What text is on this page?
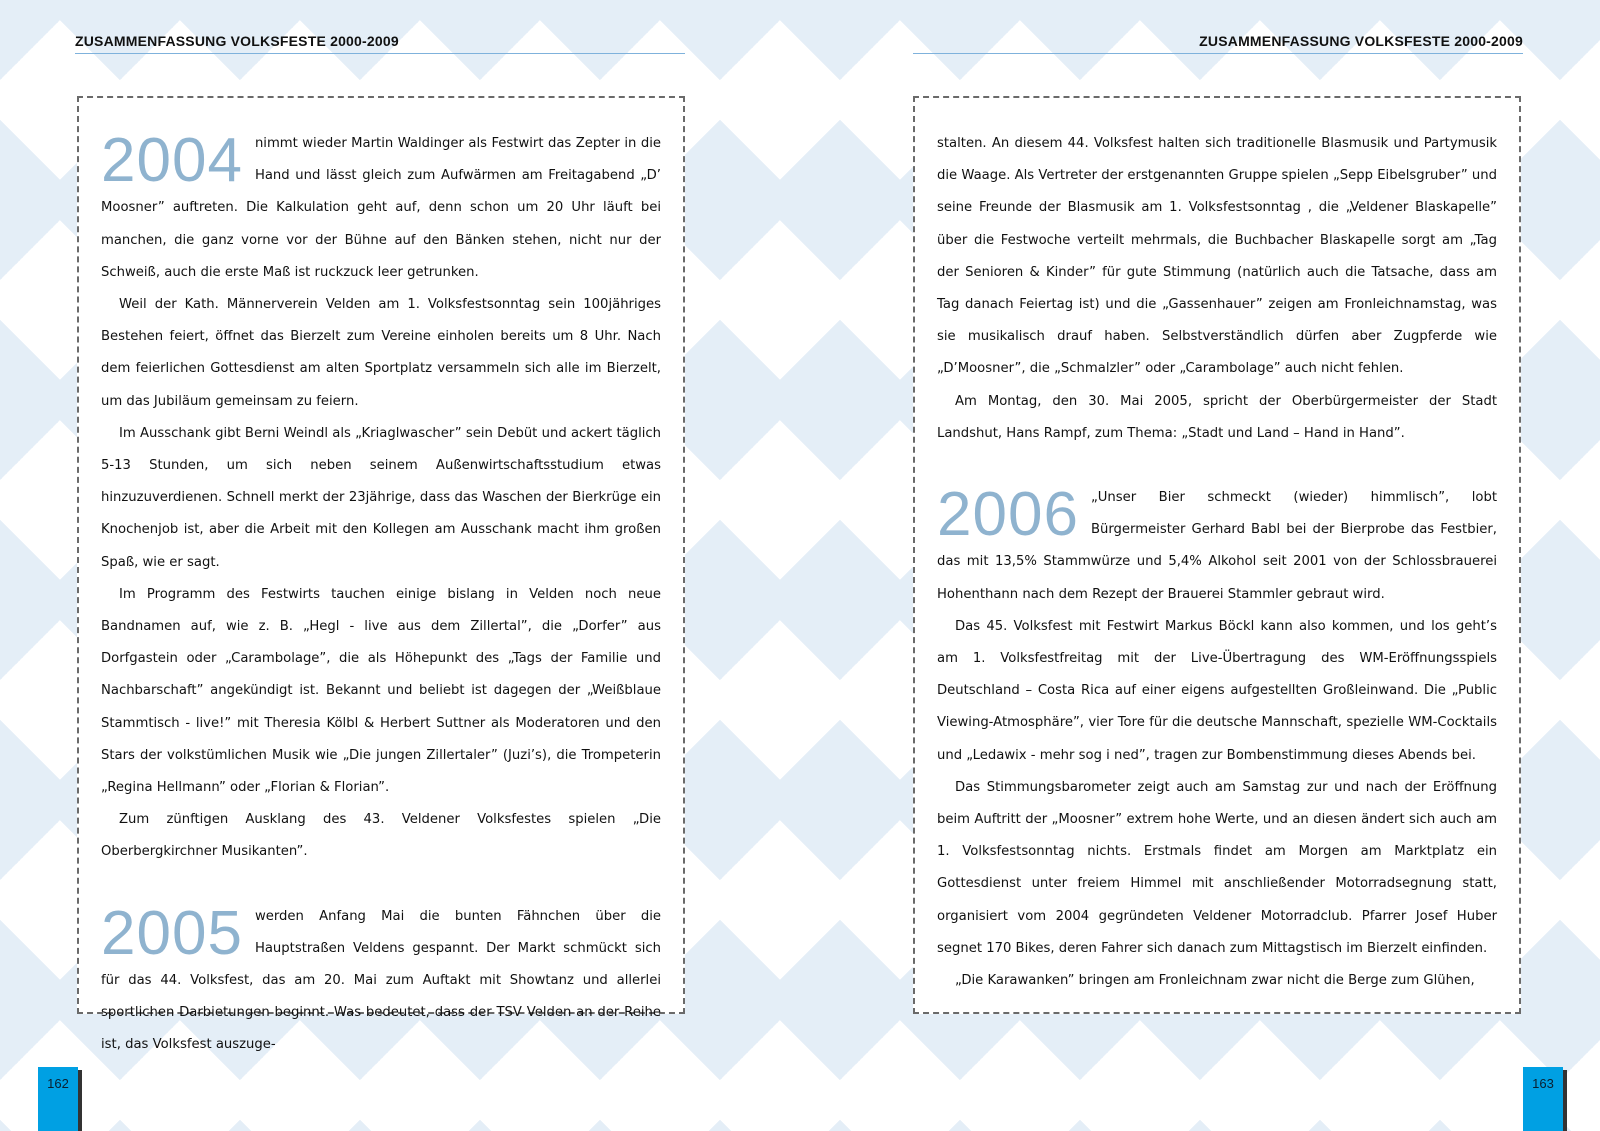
ZUSAMMENFASSUNG VOLKSFESTE 2000-2009	ZUSAMMENFASSUNG VOLKSFESTE 2000-2009
2004 nimmt wieder Martin Waldinger als Festwirt das Zepter in die Hand und lässt gleich zum Aufwärmen am Freitagabend „D’ Moosner” auftreten. Die Kalkulation geht auf, denn schon um 20 Uhr läuft bei manchen, die ganz vorne vor der Bühne auf den Bänken stehen, nicht nur der Schweiß, auch die erste Maß ist ruckzuck leer getrunken.

Weil der Kath. Männerverein Velden am 1. Volksfestsonntag sein 100jähriges Bestehen feiert, öffnet das Bierzelt zum Vereine einholen bereits um 8 Uhr. Nach dem feierlichen Gottesdienst am alten Sportplatz versammeln sich alle im Bierzelt, um das Jubiläum gemeinsam zu feiern.

Im Ausschank gibt Berni Weindl als „Kriaglwascher” sein Debüt und ackert täglich 5-13 Stunden, um sich neben seinem Außenwirtschaftsstudium etwas hinzuzuverdienen. Schnell merkt der 23jährige, dass das Waschen der Bierkrüge ein Knochenjob ist, aber die Arbeit mit den Kollegen am Ausschank macht ihm großen Spaß, wie er sagt.

Im Programm des Festwirts tauchen einige bislang in Velden noch neue Bandnamen auf, wie z. B. „Hegl - live aus dem Zillertal”, die „Dorfer” aus Dorfgastein oder „Carambolage”, die als Höhepunkt des „Tags der Familie und Nachbarschaft” angekündigt ist. Bekannt und beliebt ist dagegen der „Weißblaue Stammtisch - live!” mit Theresia Kölbl & Herbert Suttner als Moderatoren und den Stars der volkstümlichen Musik wie „Die jungen Zillertaler” (Juzi’s), die Trompeterin „Regina Hellmann” oder „Florian & Florian”.

Zum zünftigen Ausklang des 43. Veldener Volksfestes spielen „Die Oberbergkirchner Musikanten”.

2005 werden Anfang Mai die bunten Fähnchen über die Hauptstraßen Veldens gespannt. Der Markt schmückt sich für das 44. Volksfest, das am 20. Mai zum Auftakt mit Showtanz und allerlei sportlichen Darbietungen beginnt. Was bedeutet, dass der TSV Velden an der Reihe ist, das Volksfest auszuge-

stalten. An diesem 44. Volksfest halten sich traditionelle Blasmusik und Partymusik die Waage. Als Vertreter der erstgenannten Gruppe spielen „Sepp Eibelsgruber” und seine Freunde der Blasmusik am 1. Volksfestsonntag , die „Veldener Blaskapelle” über die Festwoche verteilt mehrmals, die Buchbacher Blaskapelle sorgt am „Tag der Senioren & Kinder” für gute Stimmung (natürlich auch die Tatsache, dass am Tag danach Feiertag ist) und die „Gassenhauer” zeigen am Fronleichnamstag, was sie musikalisch drauf haben. Selbstverständlich dürfen aber Zugpferde wie „D’Moosner”, die „Schmalzler” oder „Carambolage” auch nicht fehlen.

Am Montag, den 30. Mai 2005, spricht der Oberbürgermeister der Stadt Landshut, Hans Rampf, zum Thema: „Stadt und Land – Hand in Hand”.

2006 „Unser Bier schmeckt (wieder) himmlisch”, lobt Bürgermeister Gerhard Babl bei der Bierprobe das Festbier, das mit 13,5% Stammwürze und 5,4% Alkohol seit 2001 von der Schlossbrauerei Hohenthann nach dem Rezept der Brauerei Stammler gebraut wird.

Das 45. Volksfest mit Festwirt Markus Böckl kann also kommen, und los geht’s am 1. Volksfestfreitag mit der Live-Übertragung des WM-Eröffnungsspiels Deutschland – Costa Rica auf einer eigens aufgestellten Großleinwand. Die „Public Viewing-Atmosphäre”, vier Tore für die deutsche Mannschaft, spezielle WM-Cocktails und „Ledawix - mehr sog i ned”, tragen zur Bombenstimmung dieses Abends bei.

Das Stimmungsbarometer zeigt auch am Samstag zur und nach der Eröffnung beim Auftritt der „Moosner” extrem hohe Werte, und an diesen ändert sich auch am 1. Volksfestsonntag nichts. Erstmals findet am Morgen am Marktplatz ein Gottesdienst unter freiem Himmel mit anschließender Motorradsegnung statt, organisiert vom 2004 gegründeten Veldener Motorradclub. Pfarrer Josef Huber segnet 170 Bikes, deren Fahrer sich danach zum Mittagstisch im Bierzelt einfinden.

„Die Karawanken” bringen am Fronleichnam zwar nicht die Berge zum Glühen,

162	163
